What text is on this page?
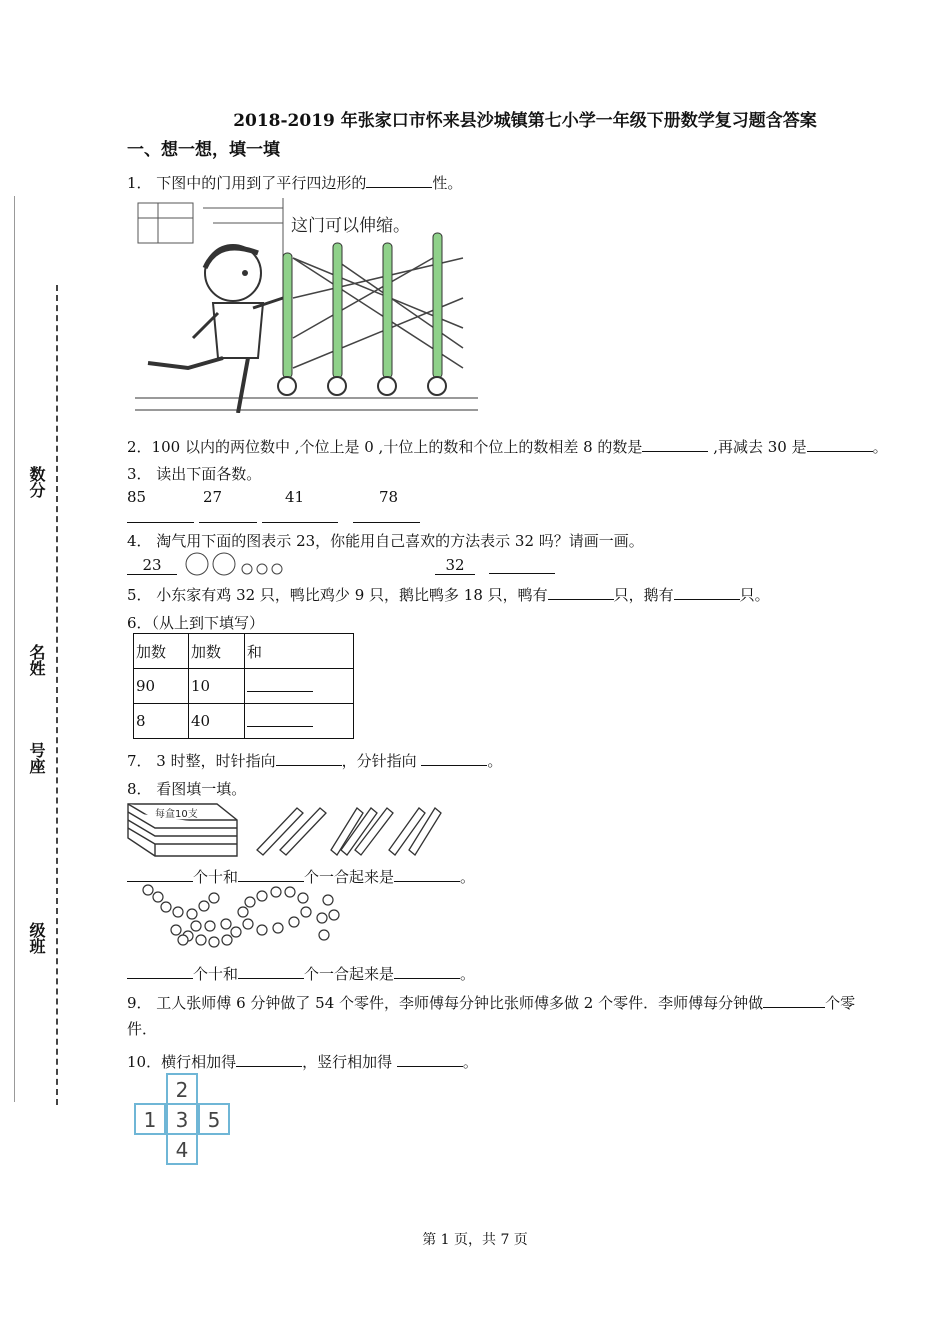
数分
名姓
号座
级班
2018-2019 年张家口市怀来县沙城镇第七小学一年级下册数学复习题含答案
一、想一想，填一填
1． 下图中的门用到了平行四边形的	性。
这门可以伸缩。
2．100 以内的两位数中 ,个位上是 0 ,十位上的数和个位上的数相差 8 的数是	,再减去 30 是	。
3． 读出下面各数。
85	27	41	78
4． 淘气用下面的图表示 23，你能用自己喜欢的方法表示 32 吗？请画一画。
23	32
5． 小东家有鸡 32 只，鸭比鸡少 9 只，鹅比鸭多 18 只，鸭有	只，鹅有	只。
6．（从上到下填写）
加数	加数	和
90	10	
8	40	
7． 3 时整，时针指向	，分针指向	。
8． 看图填一填。
每盒10支
个十和	个一合起来是	。
个十和	个一合起来是	。
9． 工人张师傅 6 分钟做了 54 个零件，李师傅每分钟比张师傅多做 2 个零件．李师傅每分钟做	个零
件．
10．横行相加得	，竖行相加得	。
2
1 3 5
4
第 1 页，共 7 页
